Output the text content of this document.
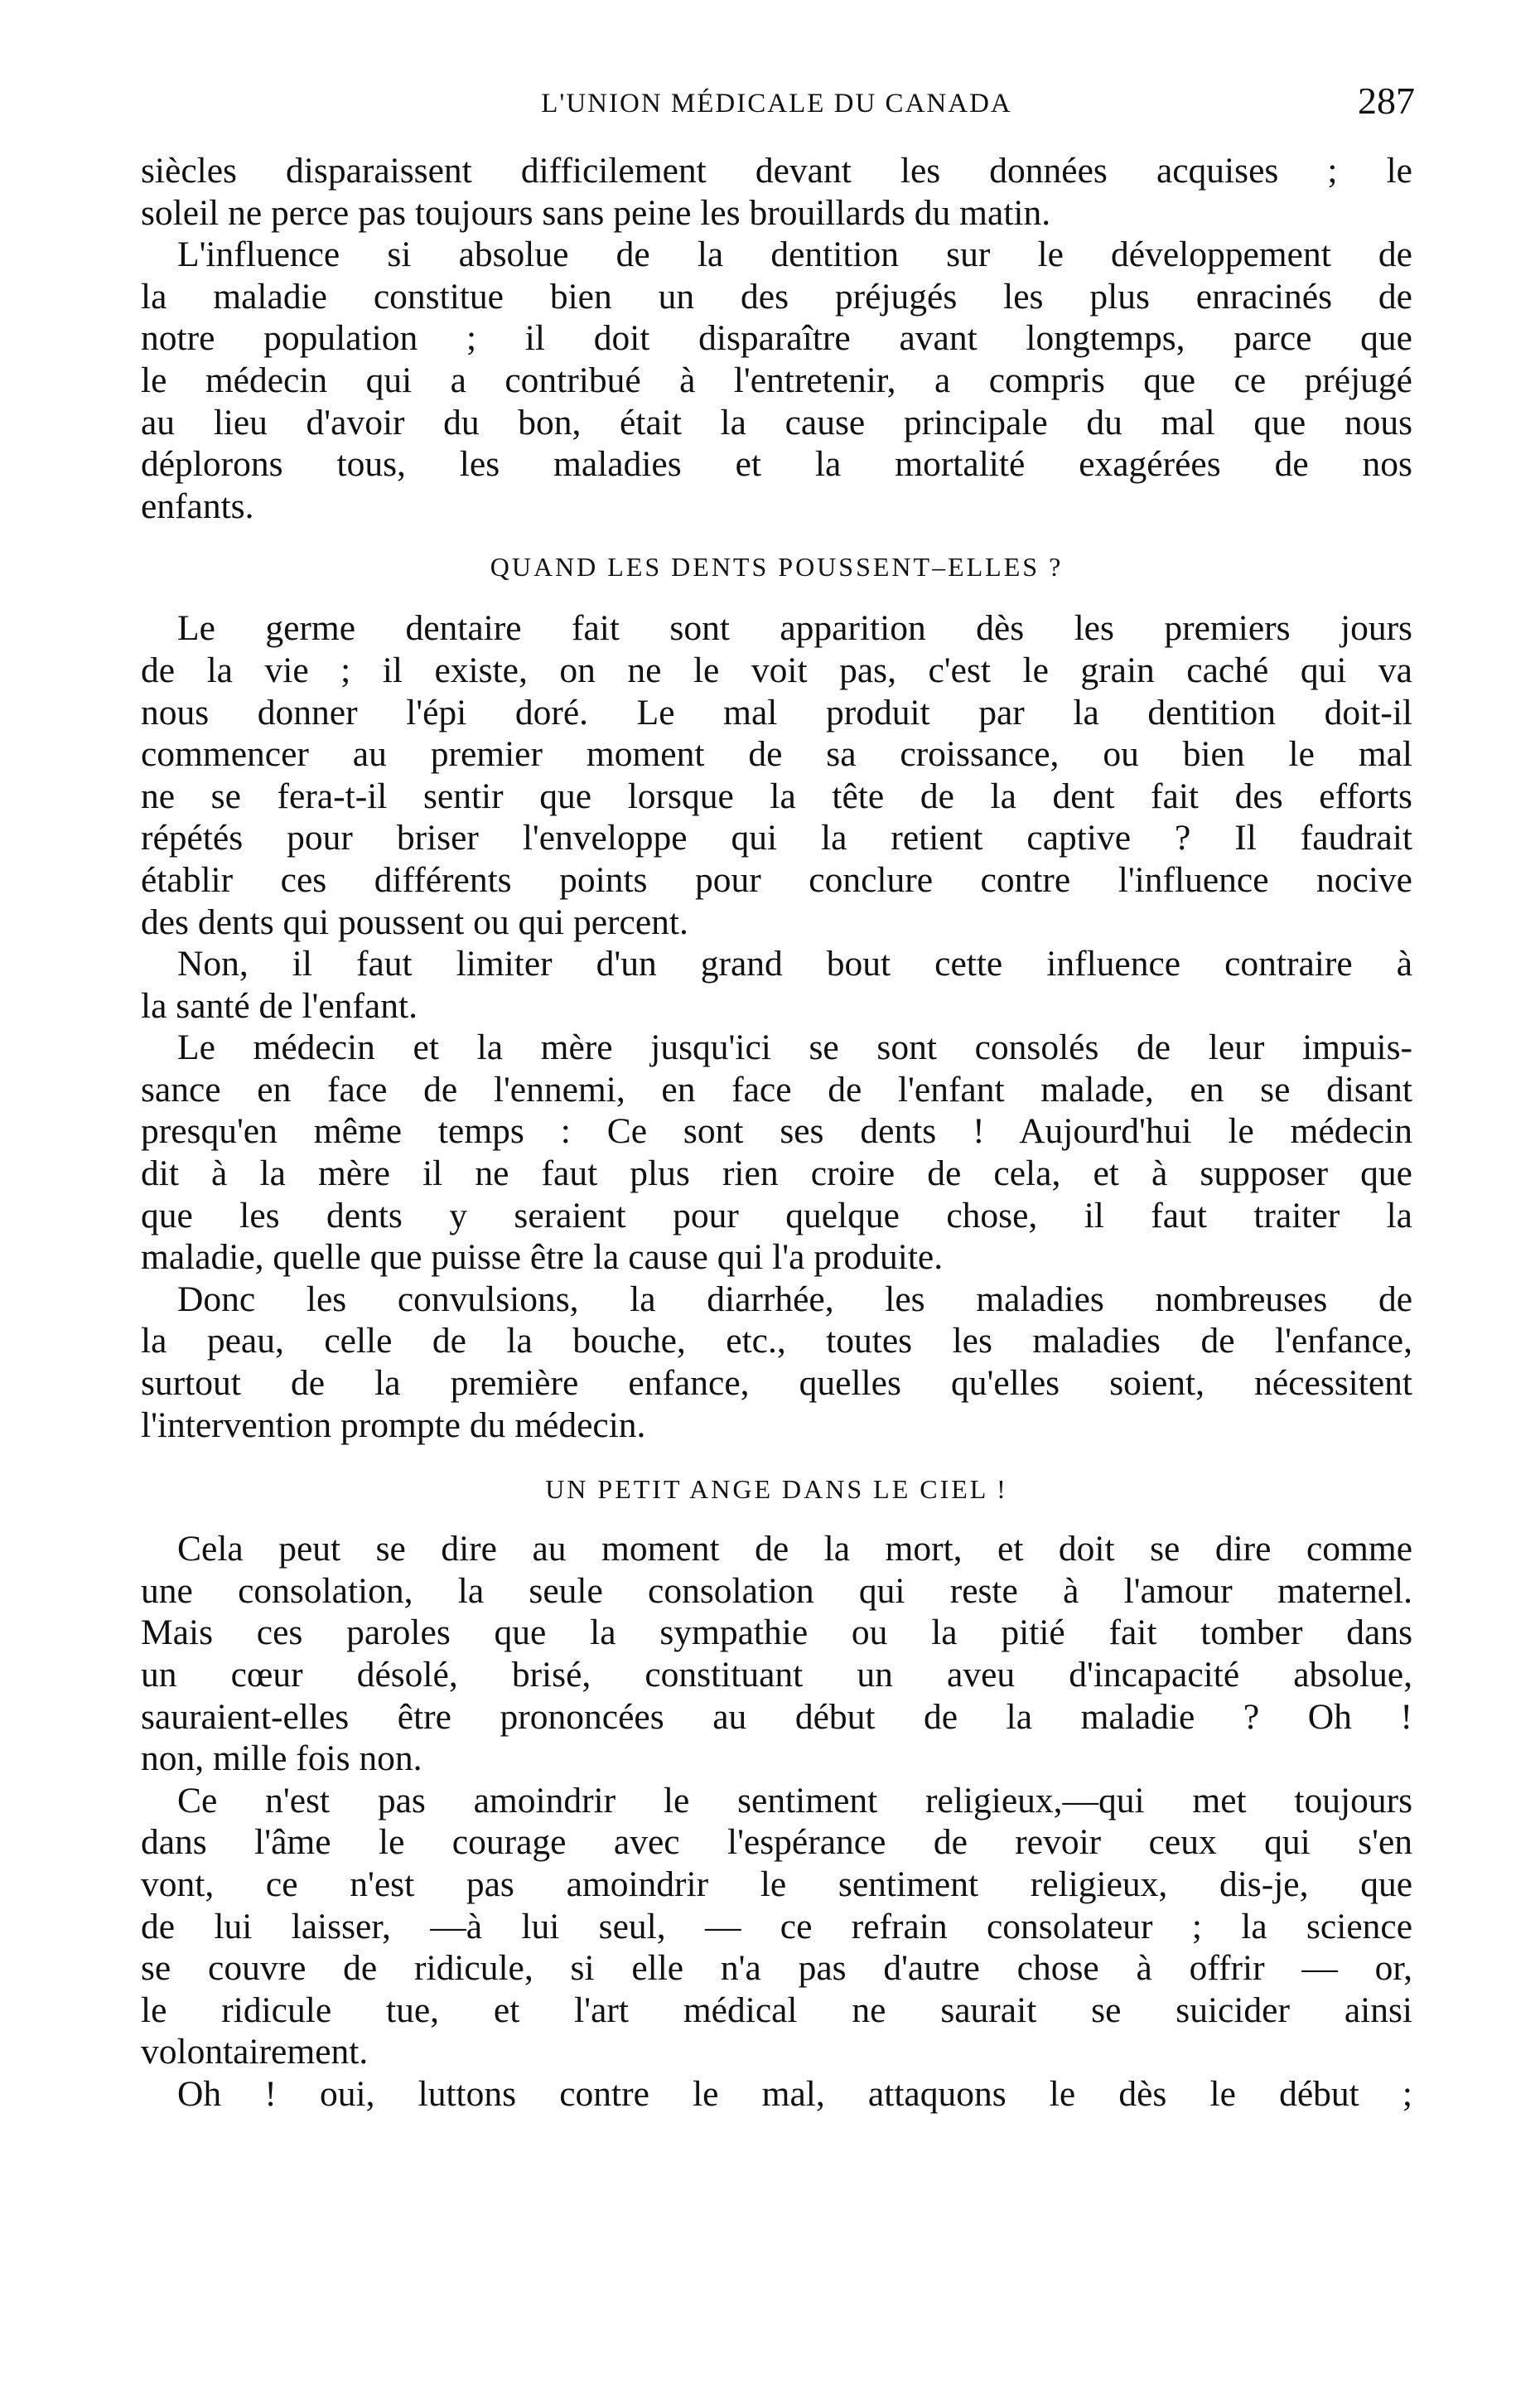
L'UNION MÉDICALE DU CANADA	287

siècles disparaissent difficilement devant les données acquises ; le

soleil ne perce pas toujours sans peine les brouillards du matin.

L'influence si absolue de la dentition sur le développement de

la maladie constitue bien un des préjugés les plus enracinés de

notre population ; il doit disparaître avant longtemps, parce que

le médecin qui a contribué à l'entretenir, a compris que ce préjugé

au lieu d'avoir du bon, était la cause principale du mal que nous

déplorons tous, les maladies et la mortalité exagérées de nos

enfants.

QUAND LES DENTS POUSSENT–ELLES ?

Le germe dentaire fait sont apparition dès les premiers jours

de la vie ; il existe, on ne le voit pas, c'est le grain caché qui va

nous donner l'épi doré. Le mal produit par la dentition doit-il

commencer au premier moment de sa croissance, ou bien le mal

ne se fera-t-il sentir que lorsque la tête de la dent fait des efforts

répétés pour briser l'enveloppe qui la retient captive ? Il faudrait

établir ces différents points pour conclure contre l'influence nocive

des dents qui poussent ou qui percent.

Non, il faut limiter d'un grand bout cette influence contraire à

la santé de l'enfant.

Le médecin et la mère jusqu'ici se sont consolés de leur impuis-

sance en face de l'ennemi, en face de l'enfant malade, en se disant

presqu'en même temps : Ce sont ses dents ! Aujourd'hui le médecin

dit à la mère il ne faut plus rien croire de cela, et à supposer que

que les dents y seraient pour quelque chose, il faut traiter la

maladie, quelle que puisse être la cause qui l'a produite.

Donc les convulsions, la diarrhée, les maladies nombreuses de

la peau, celle de la bouche, etc., toutes les maladies de l'enfance,

surtout de la première enfance, quelles qu'elles soient, nécessitent

l'intervention prompte du médecin.

UN PETIT ANGE DANS LE CIEL !

Cela peut se dire au moment de la mort, et doit se dire comme

une consolation, la seule consolation qui reste à l'amour maternel.

Mais ces paroles que la sympathie ou la pitié fait tomber dans

un cœur désolé, brisé, constituant un aveu d'incapacité absolue,

sauraient-elles être prononcées au début de la maladie ? Oh !

non, mille fois non.

Ce n'est pas amoindrir le sentiment religieux,—qui met toujours

dans l'âme le courage avec l'espérance de revoir ceux qui s'en

vont, ce n'est pas amoindrir le sentiment religieux, dis-je, que

de lui laisser, —à lui seul, — ce refrain consolateur ; la science

se couvre de ridicule, si elle n'a pas d'autre chose à offrir — or,

le ridicule tue, et l'art médical ne saurait se suicider ainsi

volontairement.

Oh ! oui, luttons contre le mal, attaquons le dès le début ;
